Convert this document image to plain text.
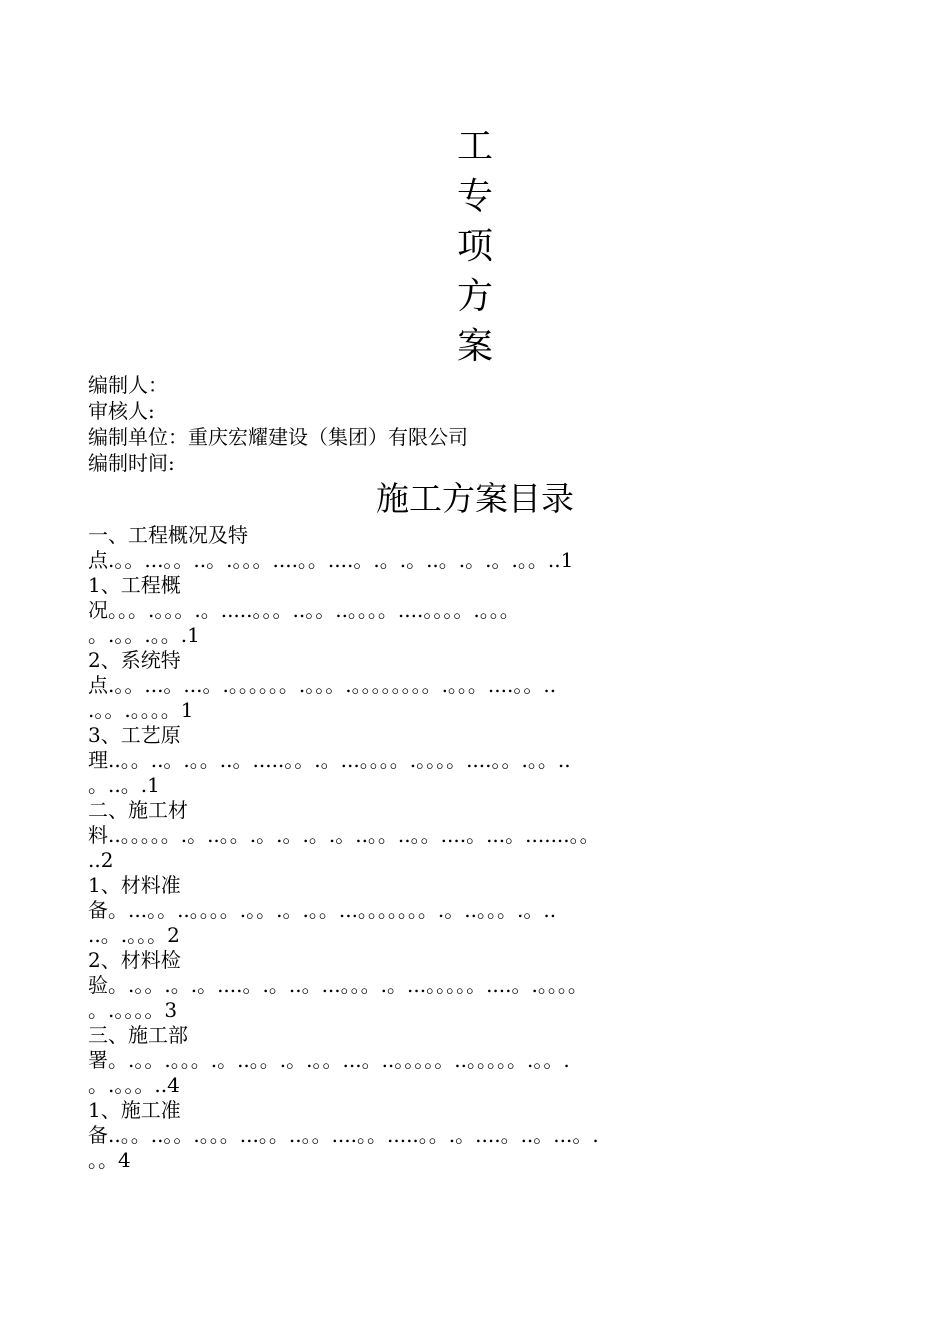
工
专
项
方
案
编制人：
审核人:
编制单位：重庆宏耀建设（集团）有限公司
编制时间:
施工方案目录
一、工程概况及特
点.。。...。。..。.。。。....。。....。.。.。..。.。.。.。。..1
1、工程概
况。。。.。。。.。.....。。。..。。..。。。。....。。。。.。。。
。.。。.。。.1
2、系统特
点.。。...。...。.。。。。。。.。。。.。。。。。。。。.。。。....。。..
.。。.。。。。1
3、工艺原
理..。。..。.。。..。.....。。.。...。。。。.。。。。....。。.。。..
。..。.1
二、施工材
料..。。。。。.。..。。.。.。.。.。..。。..。。....。...。.......。。
..2
1、材料准
备。...。。..。。。。.。。.。.。。...。。。。。。。.。..。。。.。..
..。.。。。2
2、材料检
验。.。。.。.。....。.。..。...。。。.。...。。。。。....。.。。。。
。.。。。。3
三、施工部
署。.。。.。。。.。..。。.。.。。...。..。。。。。..。。。。。.。。.
。.。。。..4
1、施工准
备..。。..。。.。。。...。。..。。....。。.....。。.。....。..。...。.
。。4
